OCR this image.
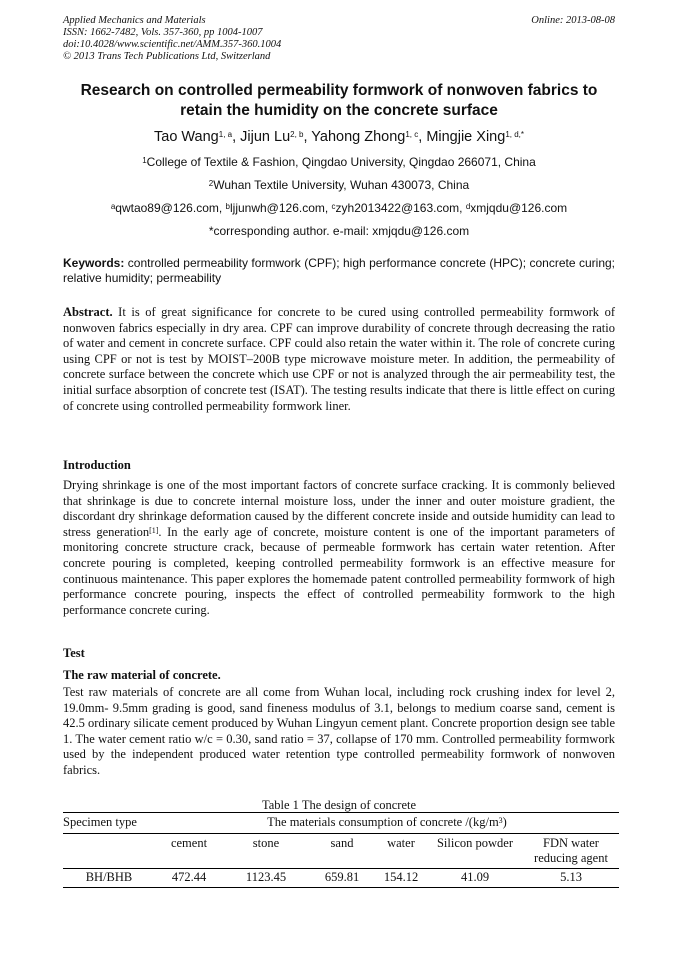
Applied Mechanics and Materials
ISSN: 1662-7482, Vols. 357-360, pp 1004-1007
doi:10.4028/www.scientific.net/AMM.357-360.1004
© 2013 Trans Tech Publications Ltd, Switzerland
Online: 2013-08-08
Research on controlled permeability formwork of nonwoven fabrics to
retain the humidity on the concrete surface
Tao Wang$^{1, a}$, Jijun Lu$^{2, b}$, Yahong Zhong$^{1, c}$, Mingjie Xing$^{1, d,*}$
$^1$College of Textile & Fashion, Qingdao University, Qingdao 266071, China
$^2$Wuhan Textile University, Wuhan 430073, China
$^a$qwtao89@126.com, $^b$ljjunwh@126.com, $^c$zyh2013422@163.com, $^d$xmjqdu@126.com
*corresponding author. e-mail: xmjqdu@126.com
Keywords: controlled permeability formwork (CPF); high performance concrete (HPC); concrete curing; relative humidity; permeability
Abstract. It is of great significance for concrete to be cured using controlled permeability formwork of nonwoven fabrics especially in dry area. CPF can improve durability of concrete through decreasing the ratio of water and cement in concrete surface. CPF could also retain the water within it. The role of concrete curing using CPF or not is test by MOIST–200B type microwave moisture meter. In addition, the permeability of concrete surface between the concrete which use CPF or not is analyzed through the air permeability test, the initial surface absorption of concrete test (ISAT). The testing results indicate that there is little effect on curing of concrete using controlled permeability formwork liner.
Introduction
Drying shrinkage is one of the most important factors of concrete surface cracking. It is commonly believed that shrinkage is due to concrete internal moisture loss, under the inner and outer moisture gradient, the discordant dry shrinkage deformation caused by the different concrete inside and outside humidity can lead to stress generation[1]. In the early age of concrete, moisture content is one of the important parameters of monitoring concrete structure crack, because of permeable formwork has certain water retention. After concrete pouring is completed, keeping controlled permeability formwork is an effective measure for continuous maintenance. This paper explores the homemade patent controlled permeability formwork of high performance concrete pouring, inspects the effect of controlled permeability formwork to the high performance concrete curing.
Test
The raw material of concrete.
Test raw materials of concrete are all come from Wuhan local, including rock crushing index for level 2, 19.0mm- 9.5mm grading is good, sand fineness modulus of 3.1, belongs to medium coarse sand, cement is 42.5 ordinary silicate cement produced by Wuhan Lingyun cement plant. Concrete proportion design see table 1. The water cement ratio w/c = 0.30, sand ratio = 37, collapse of 170 mm. Controlled permeability formwork used by the independent produced water retention type controlled permeability formwork of nonwoven fabrics.
Table 1 The design of concrete
Specimen type	The materials consumption of concrete $/(kg/m^3)$					
	cement	stone	sand	water	Silicon powder	FDN water
reducing agent

BH/BHB	472.44	1123.45	659.81	154.12	41.09	5.13
